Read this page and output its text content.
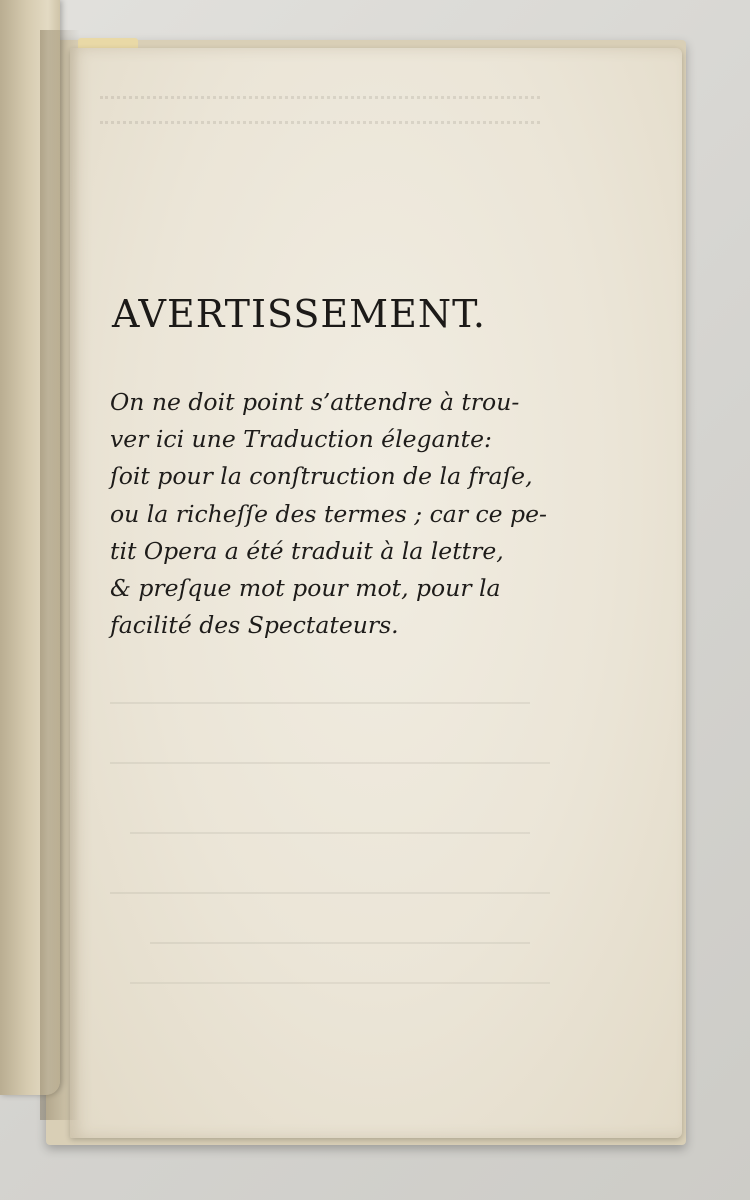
AVERTISSEMENT.
On ne doit point s’attendre à trou-
ver ici une Traduction élegante:
ſoit pour la conſtruction de la fraſe,
ou la richeſſe des termes ; car ce pe-
tit Opera a été traduit à la lettre,
& preſque mot pour mot, pour la
facilité des Spectateurs.
